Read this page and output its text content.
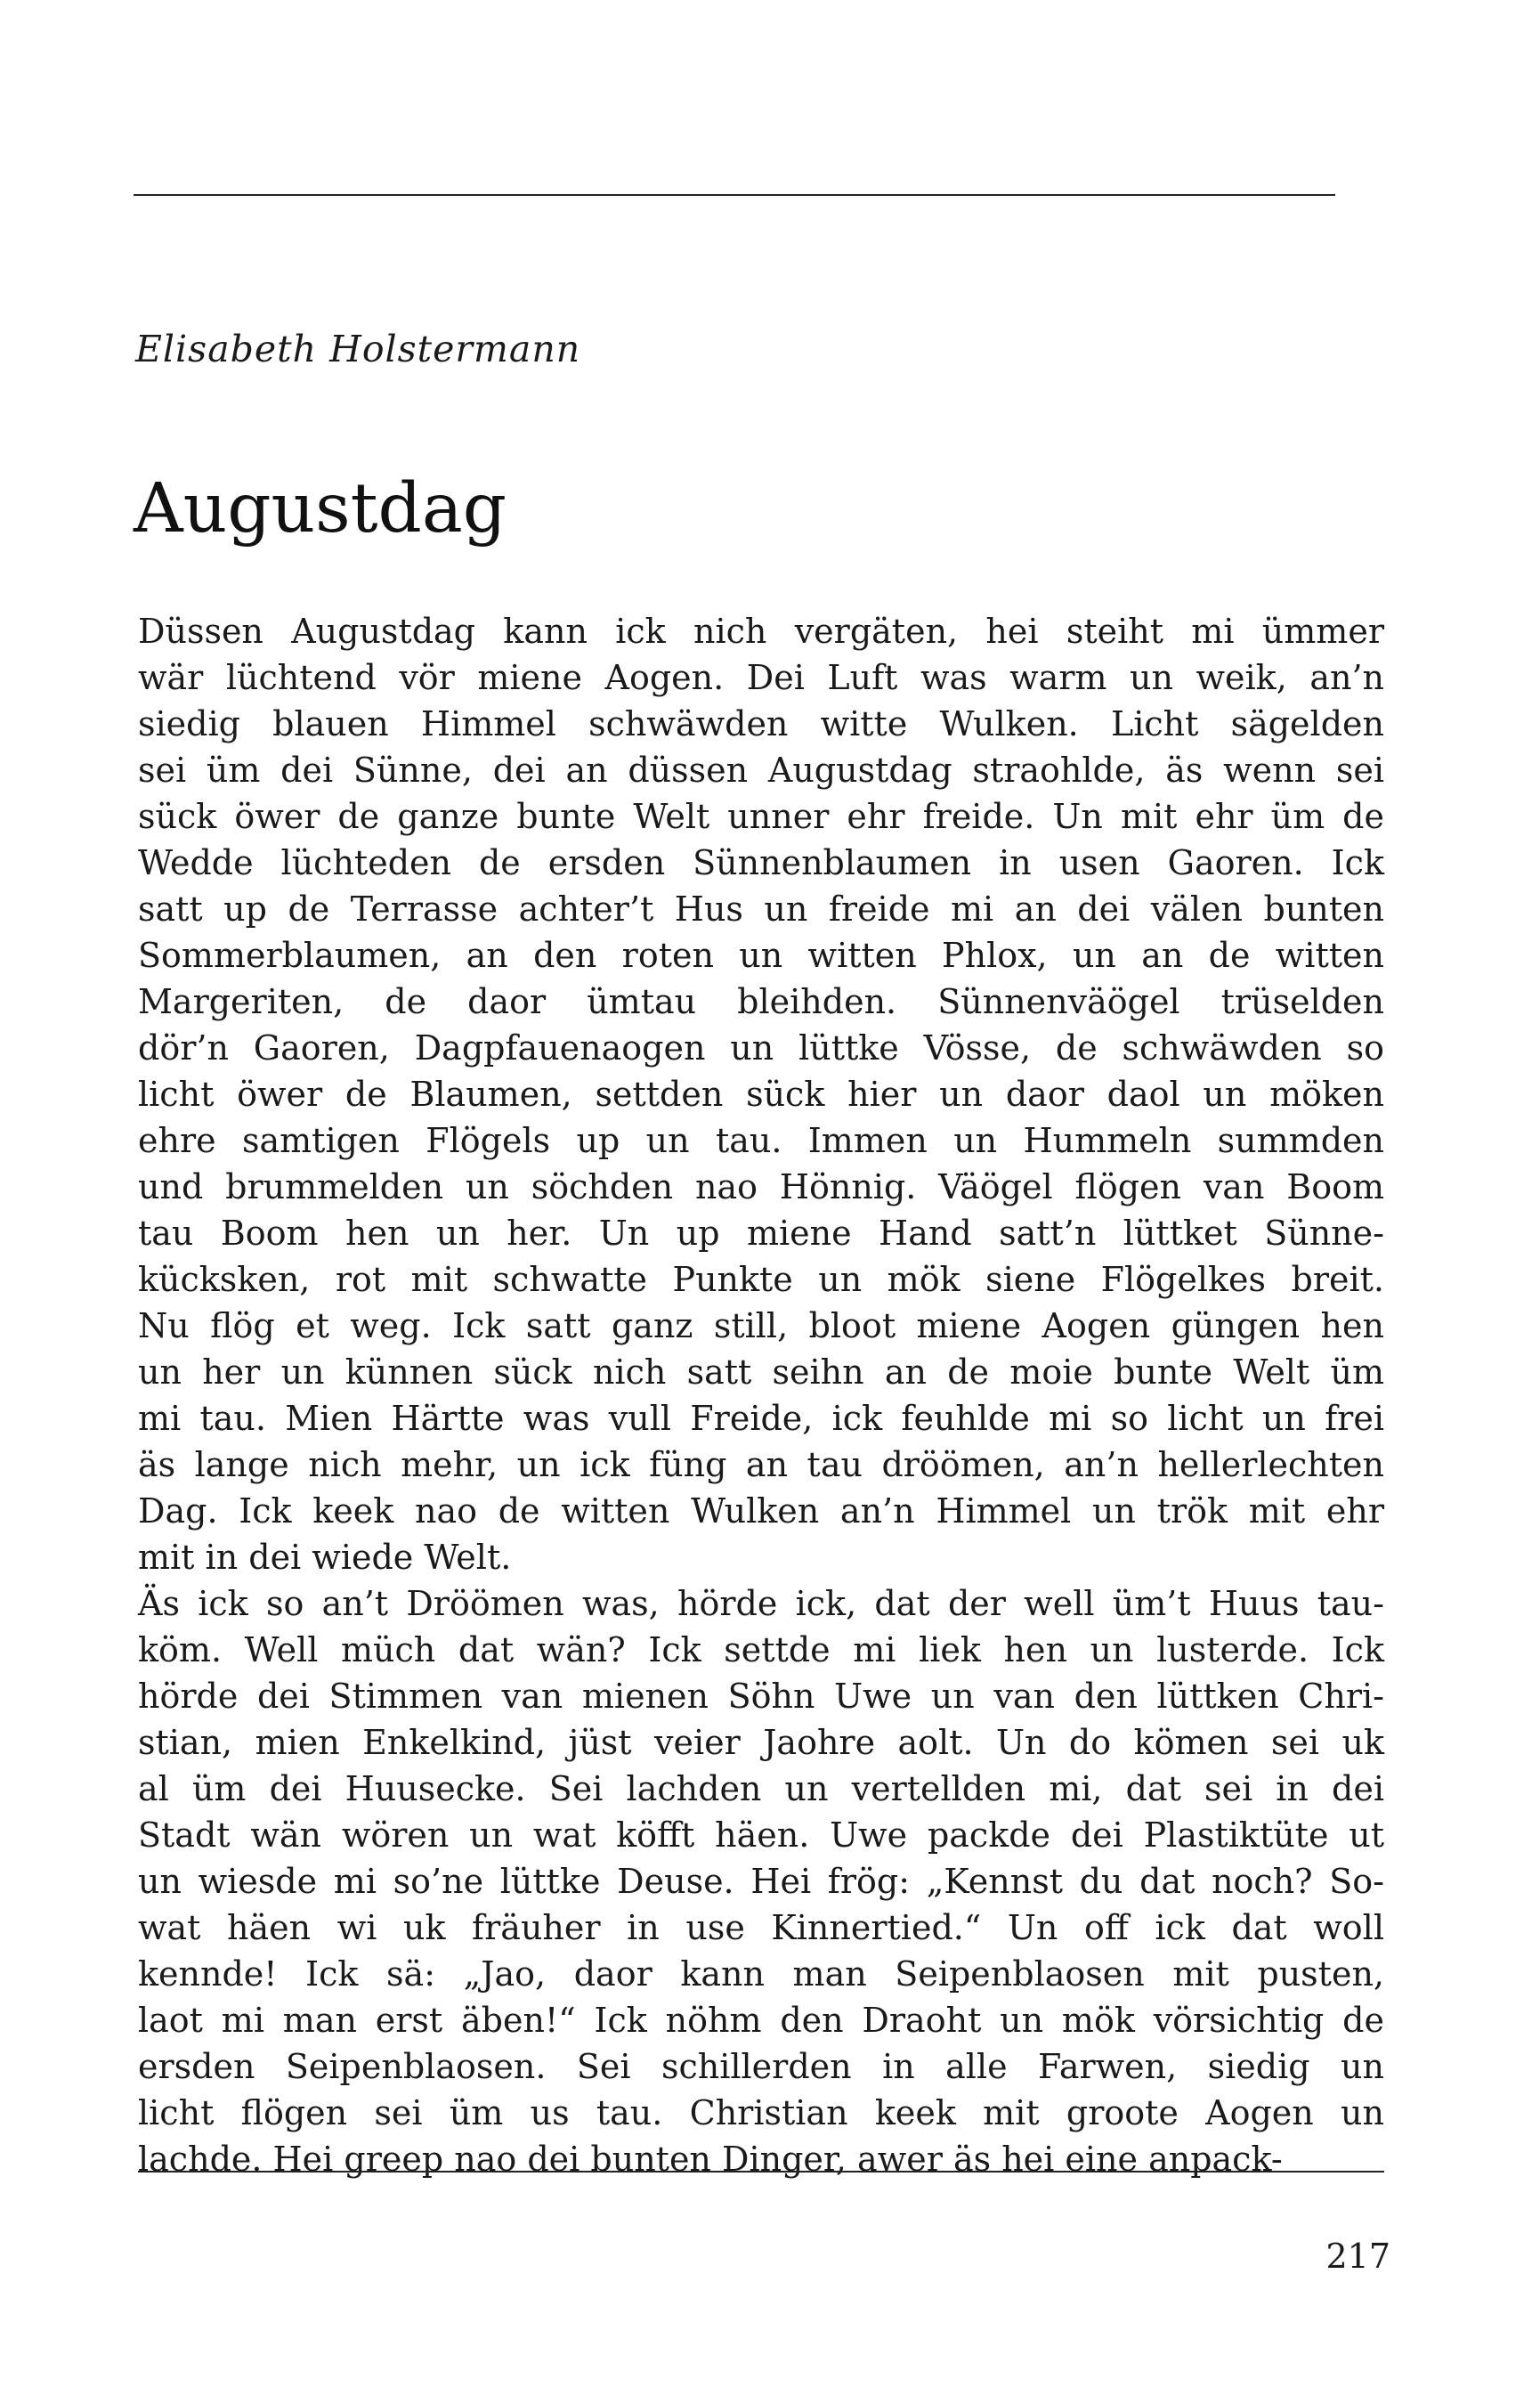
Elisabeth Holstermann
Augustdag
Düssen Augustdag kann ick nich vergäten, hei steiht mi ümmer
wär lüchtend vör miene Aogen. Dei Luft was warm un weik, an’n
siedig blauen Himmel schwäwden witte Wulken. Licht sägelden
sei üm dei Sünne, dei an düssen Augustdag straohlde, äs wenn sei
sück öwer de ganze bunte Welt unner ehr freide. Un mit ehr üm de
Wedde lüchteden de ersden Sünnenblaumen in usen Gaoren. Ick
satt up de Terrasse achter’t Hus un freide mi an dei välen bunten
Sommerblaumen, an den roten un witten Phlox, un an de witten
Margeriten, de daor ümtau bleihden. Sünnenväögel trüselden
dör’n Gaoren, Dagpfauenaogen un lüttke Vösse, de schwäwden so
licht öwer de Blaumen, settden sück hier un daor daol un möken
ehre samtigen Flögels up un tau. Immen un Hummeln summden
und brummelden un söchden nao Hönnig. Väögel flögen van Boom
tau Boom hen un her. Un up miene Hand satt’n lüttket Sünne-
kücksken, rot mit schwatte Punkte un mök siene Flögelkes breit.
Nu flög et weg. Ick satt ganz still, bloot miene Aogen güngen hen
un her un künnen sück nich satt seihn an de moie bunte Welt üm
mi tau. Mien Härtte was vull Freide, ick feuhlde mi so licht un frei
äs lange nich mehr, un ick füng an tau dröömen, an’n hellerlechten
Dag. Ick keek nao de witten Wulken an’n Himmel un trök mit ehr
mit in dei wiede Welt.
Äs ick so an’t Dröömen was, hörde ick, dat der well üm’t Huus tau-
köm. Well müch dat wän? Ick settde mi liek hen un lusterde. Ick
hörde dei Stimmen van mienen Söhn Uwe un van den lüttken Chri-
stian, mien Enkelkind, jüst veier Jaohre aolt. Un do kömen sei uk
al üm dei Huusecke. Sei lachden un vertellden mi, dat sei in dei
Stadt wän wören un wat köfft häen. Uwe packde dei Plastiktüte ut
un wiesde mi so’ne lüttke Deuse. Hei frög: „Kennst du dat noch? So-
wat häen wi uk fräuher in use Kinnertied.“ Un off ick dat woll
kennde! Ick sä: „Jao, daor kann man Seipenblaosen mit pusten,
laot mi man erst äben!“ Ick nöhm den Draoht un mök vörsichtig de
ersden Seipenblaosen. Sei schillerden in alle Farwen, siedig un
licht flögen sei üm us tau. Christian keek mit groote Aogen un
lachde. Hei greep nao dei bunten Dinger, awer äs hei eine anpack-
217
